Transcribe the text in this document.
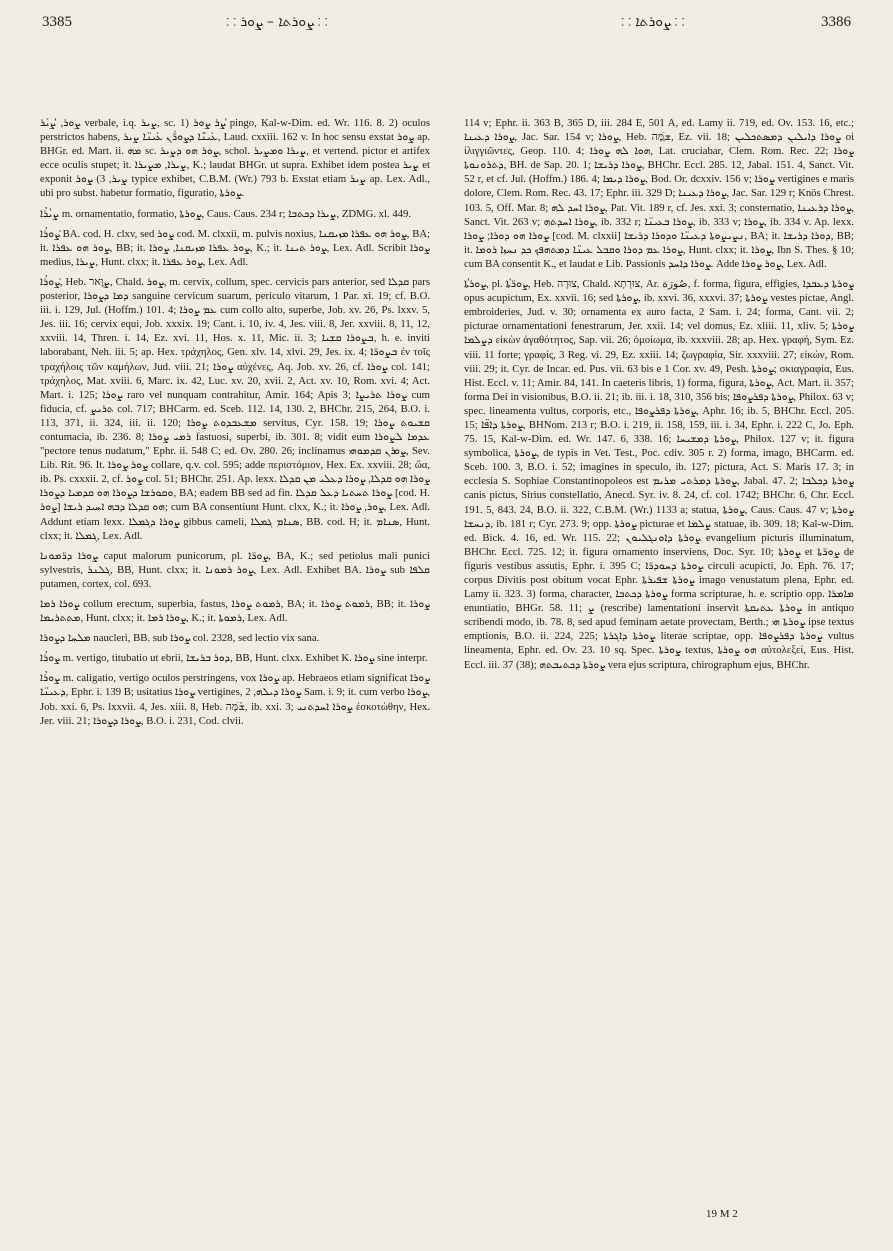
3385	⸬ ܨܘܪܬܐ – ܨܘܪ ⸬	⸬ ܨܘܪܬܐ ⸬	3386

ܨܘܪ, ܨܳܝܰܪ verbale, i.q. ܨܝܪ, sc. 1) ܨܳܪ ܨܘܪ pingo, Kal-w-Dim. ed. Wr. 116. 8. 2) oculos perstrictos habens, ܥܰܝܢ̈ܰܐ ܕܨܘܪ̈ܰܢ ܥܰܝܢ̈ܐ ܨܝܪ, Laud. cxxiii. 162 v. In hoc sensu exstat ܨܘܪ ap. BHGr. ed. Mart. ii. ܡܗ sc. ܨܘܪ ܗܘ ܕܨܝܪ, schol. ܨܝܪܐ ܘܡܨܝܪ, et vertend. pictor et artifex ecce oculis stupet; it. ܨܝܪܐ, ܡܨܝܪܐ, K.; laudat BHGr. ut supra. Exhibet idem postea ܨܝܪ et exponit ܨܝܪ, 3) ܨܘܪ typice exhibet, C.B.M. (Wr.) 793 b. Exstat etiam ܨܝܪ ap. Lex. Adl., ubi pro subst. habetur formatio, figuratio, ܨܘܪܬܐ.

ܨܝܳܪܳܐ m. ornamentatio, formatio, ܨܘܪܬܐ, Caus. Caus. 234 r; ܨܝܪܐ ܕܟܬܒܐ, ZDMG. xl. 449.

ܨܰܘܪܳܐ BA. cod. H. clxv, sed ܨܘܪ cod. M. clxxii, m. pulvis noxius, ܨܘܪ ܗܘ ܥܦܪܐ ܡܙܝܩܢܐ, BA; it. ܨܘܪ ܗܘ ܥܦܪܐ, BB; it. ܨܘܪ ܥܦܪܐ ܡܙܝܩܢܐ, ܨܘܪܐ, K.; it. ܨܘܪ ܬܝܢܐ, Lex. Adl. Scribit ܨܘܪܐ medius, ܨܝܪܐ, Hunt. clxx; it. ܨܘܪ ܥܦܪܐ, Lex. Adl.

ܨܰܘܪܳܐ, Heb. ܨַוָּאר, Chald. ܨܘܪ, m. cervix, collum, spec. cervicis pars anterior, sed ܩܕܠܐ pars posterior, ܕܡܐ ܕܨܘܪܐ sanguine cervicum suarum, periculo vitarum, 1 Par. xi. 19; cf. B.O. iii. i. 129, Jul. (Hoffm.) 101. 4; ܥܡ ܨܘܪܐ cum collo alto, superbe, Job. xv. 26, Ps. lxxv. 5, Jes. iii. 16; cervix equi, Job. xxxix. 19; Cant. i. 10, iv. 4, Jes. viii. 8, Jer. xxviii. 8, 11, 12, xxviii. 14, Thren. i. 14, Ez. xvi. 11, Hos. x. 11, Mic. ii. 3; ܒܨܘܪܐ ܩܫܝܐ, h. e. inviti laborabant, Neh. iii. 5; ap. Hex. τράχηλος, Gen. xlv. 14, xlvi. 29, Jes. ix. 4; ܒܨܘܪ̈ܐ ἐν τοῖς τραχήλοις τῶν καμήλων, Jud. viii. 21; ܨܘܪܐ αὐχένες, Aq. Job. xv. 26, cf. ܨܘܪܐ col. 141; τράχηλος, Mat. xviii. 6, Marc. ix. 42, Luc. xv. 20, xvii. 2, Act. xv. 10, Rom. xvi. 4; Act. Mart. i. 125; ܨܘܪܐ raro vel nunquam contrahitur, Amir. 164; Apis 3; ܨܘܪܐ ܬܪܝܨܐ cum fiducia, cf. ܬܪܝܨ col. 717; BHCarm. ed. Sceb. 112. 14, 130. 2, BHChr. 215, 264, B.O. i. 113, 371, ii. 324, iii. ii. 120; ܡܫܥܒܕܘܬ ܨܘܪܐ servitus, Cyr. 158. 19; ܩܫܝܘܬ ܨܘܪܐ contumacia, ib. 236. 8; ܪܡܝ ܨܘܪܐ fastuosi, superbi, ib. 301. 8; vidit eum ܥܕܡܐ ܠܨܘܪܐ "pectore tenus nudatum," Ephr. ii. 548 C; ed. Ov. 280. 26; inclinamus ܨܘܪܢ ܩܕܡܘܗܝ, Sev. Lib. Rit. 96. It. ܨܘܪ ܨܘܪܐ collare, q.v. col. 595; adde περιστόμιον, Hex. Ex. xxviii. 28; ὤα, ib. Ps. cxxxii. 2, cf. ܨܘܪ col. 51; BHChr. 251. Ap. lexx. ܨܘܪܐ ܗܘ ܩܕܠܐ, ܨܘܪܐ ܕܥܠܝ ܡܢ ܩܕܠܐ ܘܩܘܪܫܐ ܕܨܘܪܐ ܗܘ ܩܕܡܝܐ ܕܨܘܪܐ, BA; eadem BB sed ad fin. ܨܘܪܐ ܬܚܬܝܐ ܕܥܠ ܩܕܠܐ [cod. H. ܨܘܪ] ܗܘ ܩܕܠܐ ܕܒܗ ܐܚܝܕ ܪܝܫܐ; cum BA consentiunt Hunt. clxx, K.; it. ܨܘܪ, ܨܘܪܐ, Lex. Adl. Addunt etiam lexx. ܨܘܪܐ ܕܓܡܠܐ gibbus cameli, ܣܢܐܡ ܓܡܠܐ, BB. cod. H; it. ܣܢܐܡ, Hunt. clxx; it. ܓܡܠܐ, Lex. Adl.

ܨܘܪܐ ܕܪ̈ܡܘܢܐ caput malorum punicorum, pl. ܨܘܪ̈ܐ, BA, K.; sed petiolus mali punici sylvestris, ܓܠܢܪ, BB, Hunt. clxx; it. ܨܘܪ ܪܡܘܢܐ, Lex. Adl. Exhibet BA. ܨܘܪܐ sub ܩܠܦܐ putamen, cortex, col. 693.

ܨܘܪܐ ܪܡܐ collum erectum, superbia, fastus, ܪܡܘܬ ܨܘܪܐ, BA; it. ܪܡܘܬ ܨܘܪܐ, BB; it. ܨܘܪܐ ܡܬܬܪܝܡܐ, Hunt. clxx; it. ܨܘܪܐ ܪܡܐ, K.; it. ܪܡܘܬܐ, Lex. Adl.

ܡܠܚܐ ܕܨܘܪܐ naucleri, BB. sub ܨܘܪܐ col. 2328, sed lectio vix sana.

ܨܘܪܳܐ m. vertigo, titubatio ut ebrii, ܕܘܪ ܒܪܝܫܐ, BB, Hunt. clxx. Exhibet K. ܨܘܪܐ sine interpr.

ܨܘܪܳܐ m. caligatio, vertigo oculos perstringens, vox ܨܘܪܐ ap. Hebraeos etiam significat ܨܘܪܐ ܕܥܝܢ̈ܐ, Ephr. i. 139 B; usitatius ܨܘܪܐ vertigines, ܨܘܪܐ ܕܝܠܗ, 2 Sam. i. 9; it. cum verbo ܨܘܪܐ, Job. xxi. 6, Ps. lxxvii. 4, Jes. xiii. 8, Heb. ܫׁܰמָּה, ib. xxi. 3; ܨܘܪܐ ܐܚܕܬܢܝ ἐσκοτώθην, Hex. Jer. viii. 21; ܨܘܪܐ ܕܨܘܪܐ, B.O. i. 231, Cod. clvii.

114 v; Ephr. ii. 363 B, 365 D, iii. 284 E, 501 A, ed. Lamy ii. 719, ed. Ov. 153. 16, etc.; ܨܘܪܐ ܕܥܝܢܐ, Jac. Sar. 154 v; ܨܘܪܐ, Heb. ܫַׁמָּה, Ez. vii. 18; ܨܘܪܐ ܕܐܝܠܝܢ ܕܡܣܬܟܠܝܢ οἱ ἰλιγγιῶντες, Geop. 110. 4; ܗܘܐ ܠܗ ܨܘܪܐ, Lat. cruciabar, Clem. Rom. Rec. 22; ܨܘܪܐ ܕܬܪܘܢܘܬܐ, BH. de Sap. 20. 1; ܨܘܪܐ ܕܪܝܫܐ, BHChr. Eccl. 285. 12, Jabal. 151. 4, Sanct. Vit. 52 r, et cf. Jul. (Hoffm.) 186. 4; ܨܘܪܐ ܕܝܡܐ, Bod. Or. dcxxiv. 156 v; ܨܘܪܐ vertigines e maris dolore, Clem. Rom. Rec. 43. 17; Ephr. iii. 329 D; ܨܘܪܐ ܕܥܝܢܐ, Jac. Sar. 129 r; Knös Chrest. 103. 5, Off. Mar. 8; ܨܘܪܐ ܐܚܕ ܠܗ, Pat. Vit. 189 r, cf. Jes. xxi. 3; consternatio, ܨܘܪܐ ܕܪܥܝܢܐ, Sanct. Vit. 263 v; ܨܘܪܐ ܐܚܕܬܗ, ib. 332 r; ܨܘܪܐ ܒܥܝܢ̈ܐ, ib. 333 v; ܨܘܪܐ, ib. 334 v. Ap. lexx. ܨܘܪܐ ܗܘ ܕܘܪܐ; ܨܘܪܐ [cod. M. clxxii] ܢܨܝܨܘܬܐ ܕܥܝܢ̈ܐ ܘܕܘܪܐ ܕܪܝܫܐ, BA; it. ܕܘܪܐ ܕܪܝܫܐ, BB; it. ܨܘܪܐ ܥܡ ܕܘܪܐ ܘܩܒܠ ܥܝܢ̈ܐ ܕܡܬܗܦܟ ܟܕ ܢܚܙܐ ܪܘܡܐ, Hunt. clxx; it. ܨܘܪܐ, Ibn S. Thes. § 10; cum BA consentit K., et laudat e Lib. Passionis ܨܘܪܐ ܕܐܚܕ. Adde ܨܘܪ ܨܘܪܐ, Lex. Adl.

ܨܘܪܬܳܐ, pl. ܨܘܪ̈ܬܳܐ, Heb. צוּרָה, Chald. צוּרְתָא, Ar. صُورَة, f. forma, figura, effigies, ܨܘܪܬܐ ܕܥܒܕܐ opus acupictum, Ex. xxvii. 16; sed ܨܘܪܬܐ, ib. xxvi. 36, xxxvi. 37; ܨܘܪܬܐ vestes pictae, Angl. embroideries, Jud. v. 30; ornamenta ex auro facta, 2 Sam. i. 24; forma, Cant. vii. 2; picturae ornamentationi fenestrarum, Jer. xxii. 14; vel domus, Ez. xliii. 11, xliv. 5; ܨܘܪܬܐ ܕܨܠܡܐ εἰκὼν ἀγαθότητος, Sap. vii. 26; ὁμοίωμα, ib. xxxviii. 28; ap. Hex. γραφή, Sym. Ez. viii. 11 forte; γραφίς, 3 Reg. vi. 29, Ez. xxiii. 14; ζωγραφία, Sir. xxxviii. 27; εἰκών, Rom. viii. 29; it. Cyr. de Incar. ed. Pus. vii. 63 bis e 1 Cor. xv. 49, Pesh. ܨܘܪܬܐ; σκιαγραφία, Eus. Hist. Eccl. v. 11; Amir. 84, 141. In caeteris libris, 1) forma, figura, ܨܘܪܬܐ, Act. Mart. ii. 357; forma Dei in visionibus, B.O. ii. 21; ib. iii. i. 18, 310, 356 bis; ܨܘܪܬܐ ܕܦܪܨܘܦܐ, Philox. 63 v; spec. lineamenta vultus, corporis, etc., ܨܘܪܬܐ ܕܦܪܨܘܦܐ, Aphr. 16; ib. 5, BHChr. Eccl. 205. 15; ܨܘܪܬܐ ܕܐܦ̈ܐ, BHNom. 213 r; B.O. i. 219, ii. 158, 159, iii. i. 34, Ephr. i. 222 C, Jo. Eph. 75. 15, Kal-w-Dim. ed. Wr. 147. 6, 338. 16; ܨܘܪܬܐ ܕܡܫܝܚܐ, Philox. 127 v; it. figura symbolica, ܨܘܪܬܐ, de typis in Vet. Test., Poc. cdiv. 305 r. 2) forma, imago, BHCarm. ed. Sceb. 100. 3, B.O. i. 52; imagines in speculo, ib. 127; pictura, Act. S. Maris 17. 3; in ecclesia S. Sophiae Constantinopoleos est ܨܘܪܬܐ ܕܡܪܬܝ ܡܪܝܡ, Jabal. 47. 2; ܨܘܪܬܐ ܕܟܠܒܐ canis pictus, Sirius constellatio, Anecd. Syr. iv. 8. 24, cf. col. 1742; BHChr. 6, Chr. Eccl. 191. 5, 843. 24, B.O. ii. 322, C.B.M. (Wr.) 1133 a; statua, ܨܘܪܬܐ, Caus. Caus. 47 v; ܨܘܪܬܐ ܕܢܚܫܐ, ib. 181 r; Cyr. 273. 9; opp. ܨܘܪܬܐ picturae et ܨܠܡܐ statuae, ib. 309. 18; Kal-w-Dim. ed. Bick. 4. 16, ed. Wr. 115. 22; ܨܘܪܬܐ ܕܐܘܢܓܠܝܘܢ evangelium picturis illuminatum, BHChr. Eccl. 725. 12; it. figura ornamento inserviens, Doc. Syr. 10; ܨܘܪܬܐ et ܨܘܪ̈ܬܐ de figuris vestibus assutis, Ephr. i. 395 C; ܨܘܪܬܐ ܕܚܘܕܪ̈ܐ circuli acupicti, Jo. Eph. 76. 17; corpus Divitis post obitum vocat Ephr. ܨܘܪܬܐ ܫܦܝܪܬܐ imago venustatum plena, Ephr. ed. Lamy ii. 323. 3) forma, character, ܨܘܪܬܐ ܕܟܬܒܐ forma scripturae, h. e. scriptio opp. ܡܐܡܪܐ enuntiatio, BHGr. 58. 11; ܨ (rescribe) lamentationi inservit ܨܘܪܬܐ ܥܬܝܩܬܐ in antiquo scribendi modo, ib. 78. 8, sed apud feminam aetate provectam, Berth.; ܨܘܪܬܐ ܗܝ ipse textus emptionis, B.O. ii. 224, 225; ܨܘܪܬܐ ܕܐܓܪܬܐ literae scriptae, opp. ܨܘܪܬܐ ܕܦܪܨܘܦܐ vultus lineamenta, Ephr. ed. Ov. 23. 10 sq. Spec. ܨܘܪܬܐ textus, ܗܘ ܨܘܪܬܐ αὐτολεξεί, Eus. Hist. Eccl. iii. 37 (38); ܨܘܪܬܐ ܕܟܬܝܒܬܗ vera ejus scriptura, chirographum ejus, BHChr.

19 M 2
